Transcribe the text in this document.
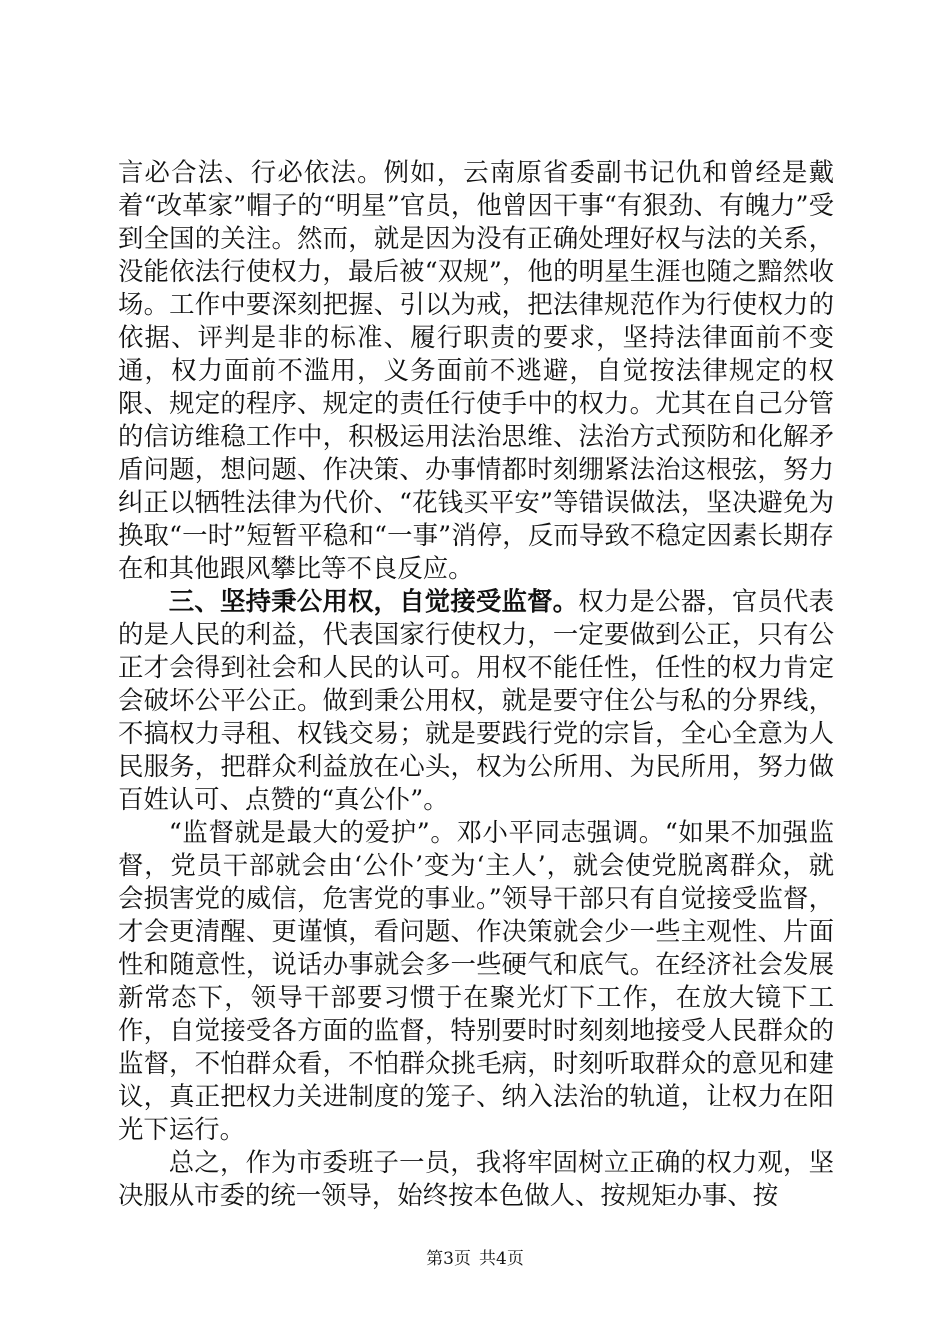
言必合法、行必依法。例如，云南原省委副书记仇和曾经是戴着“改革家”帽子的“明星”官员，他曾因干事“有狠劲、有魄力”受到全国的关注。然而，就是因为没有正确处理好权与法的关系，没能依法行使权力，最后被“双规”，他的明星生涯也随之黯然收场。工作中要深刻把握、引以为戒，把法律规范作为行使权力的依据、评判是非的标准、履行职责的要求，坚持法律面前不变通，权力面前不滥用，义务面前不逃避，自觉按法律规定的权限、规定的程序、规定的责任行使手中的权力。尤其在自己分管的信访维稳工作中，积极运用法治思维、法治方式预防和化解矛盾问题，想问题、作决策、办事情都时刻绷紧法治这根弦，努力纠正以牺牲法律为代价、“花钱买平安”等错误做法，坚决避免为换取“一时”短暂平稳和“一事”消停，反而导致不稳定因素长期存在和其他跟风攀比等不良反应。

三、坚持秉公用权，自觉接受监督。权力是公器，官员代表的是人民的利益，代表国家行使权力，一定要做到公正，只有公正才会得到社会和人民的认可。用权不能任性，任性的权力肯定会破坏公平公正。做到秉公用权，就是要守住公与私的分界线，不搞权力寻租、权钱交易；就是要践行党的宗旨，全心全意为人民服务，把群众利益放在心头，权为公所用、为民所用，努力做百姓认可、点赞的“真公仆”。

“监督就是最大的爱护”。邓小平同志强调。“如果不加强监督，党员干部就会由‘公仆’变为‘主人’，就会使党脱离群众，就会损害党的威信，危害党的事业。”领导干部只有自觉接受监督，才会更清醒、更谨慎，看问题、作决策就会少一些主观性、片面性和随意性，说话办事就会多一些硬气和底气。在经济社会发展新常态下，领导干部要习惯于在聚光灯下工作，在放大镜下工作，自觉接受各方面的监督，特别要时时刻刻地接受人民群众的监督，不怕群众看，不怕群众挑毛病，时刻听取群众的意见和建议，真正把权力关进制度的笼子、纳入法治的轨道，让权力在阳光下运行。

总之，作为市委班子一员，我将牢固树立正确的权力观，坚决服从市委的统一领导，始终按本色做人、按规矩办事、按

第3页 共4页
